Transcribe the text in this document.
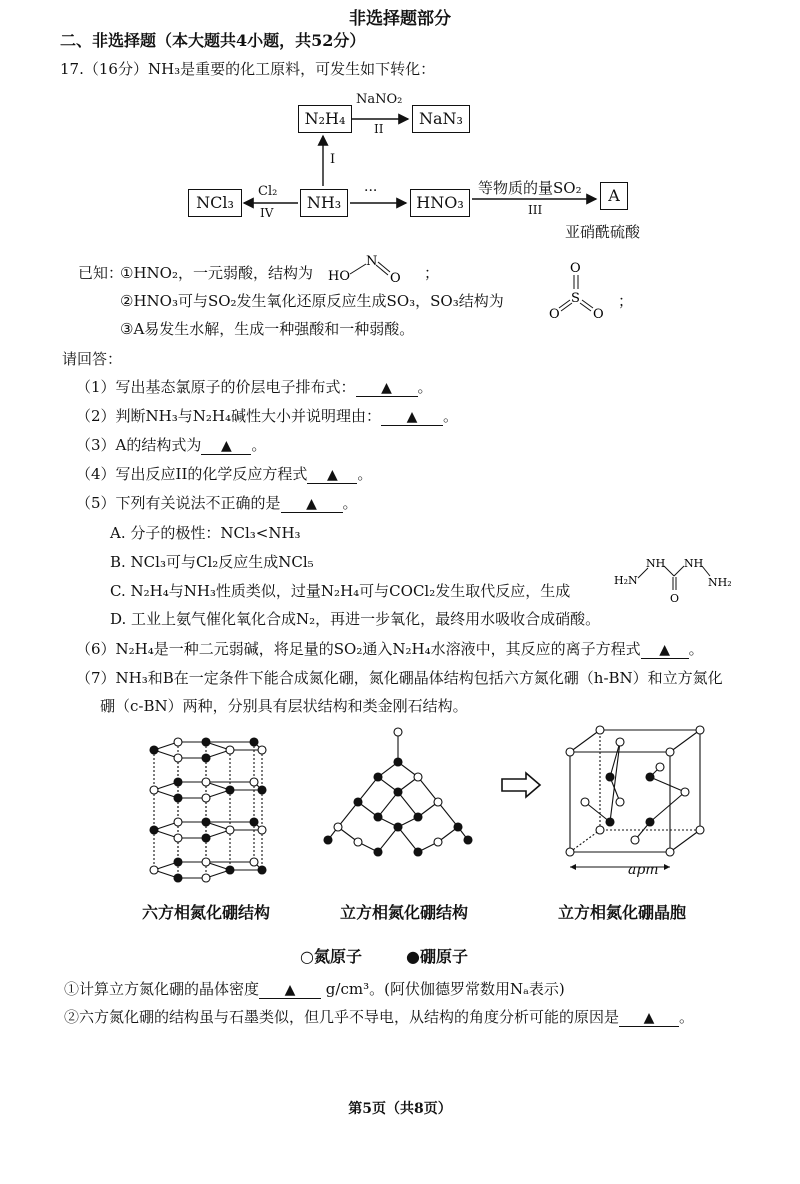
非选择题部分
二、非选择题（本大题共4小题，共52分）
17.（16分）NH₃是重要的化工原料，可发生如下转化：
N₂H₄	NaN₃
NCl₃	NH₃	HNO₃	A
NaNO₂
II
I
Cl₂
IV
···	等物质的量SO₂
III
亚硝酰硫酸
已知：
①HNO₂，一元弱酸，结构为 HO
N
O ；
②HNO₃可与SO₂发生氧化还原反应生成SO₃，SO₃结构为
O
S
O	O
；
③A易发生水解，生成一种强酸和一种弱酸。
请回答：
（1）写出基态氯原子的价层电子排布式： ▲ 。
（2）判断NH₃与N₂H₄碱性大小并说明理由： ▲ 。
（3）A的结构式为 ▲ 。
（4）写出反应II的化学反应方程式 ▲ 。
（5）下列有关说法不正确的是 ▲ 。
A. 分子的极性：NCl₃<NH₃
B. NCl₃可与Cl₂反应生成NCl₅
C. N₂H₄与NH₃性质类似，过量N₂H₄可与COCl₂发生取代反应，生成
H₂N
NH
O
NH
NH₂
D. 工业上氨气催化氧化合成N₂，再进一步氧化，最终用水吸收合成硝酸。
（6）N₂H₄是一种二元弱碱，将足量的SO₂通入N₂H₄水溶液中，其反应的离子方程式 ▲ 。
（7）NH₃和B在一定条件下能合成氮化硼，氮化硼晶体结构包括六方氮化硼（h-BN）和立方氮化
硼（c-BN）两种，分别具有层状结构和类金刚石结构。
apm
六方相氮化硼结构	立方相氮化硼结构	立方相氮化硼晶胞
○氮原子	●硼原子
①计算立方氮化硼的晶体密度 ▲ g/cm³。(阿伏伽德罗常数用Nₐ表示)
②六方氮化硼的结构虽与石墨类似，但几乎不导电，从结构的角度分析可能的原因是 ▲ 。
第5页（共8页）
